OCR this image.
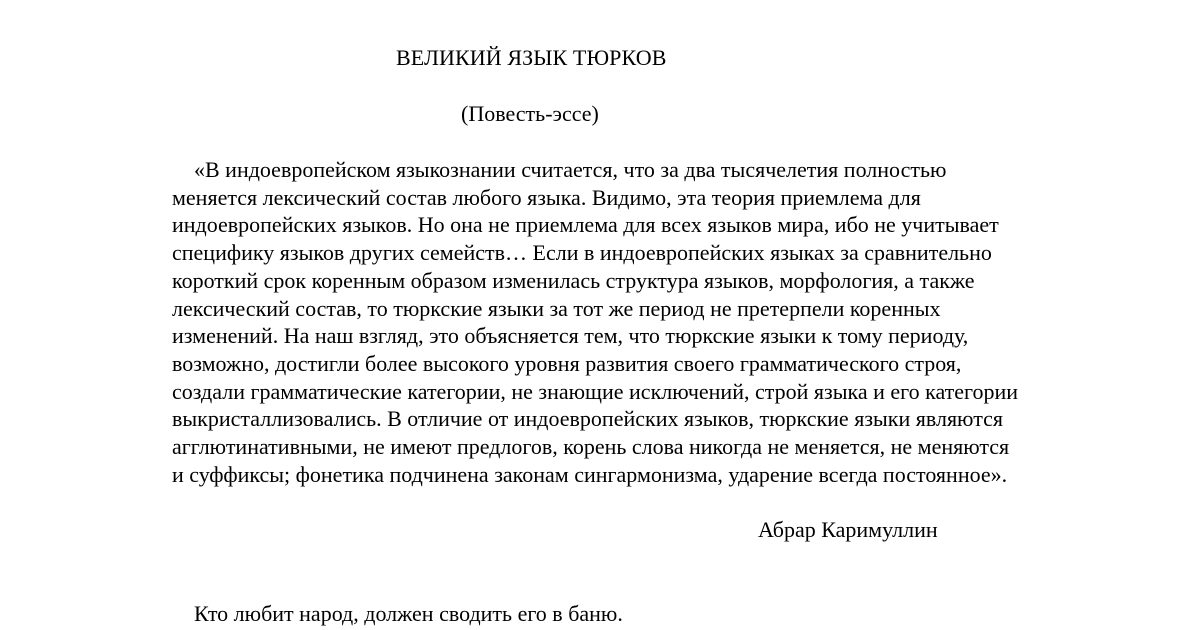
ВЕЛИКИЙ ЯЗЫК ТЮРКОВ

(Повесть-эссе)

«В индоевропейском языкознании считается, что за два тысячелетия полностью
меняется лексический состав любого языка. Видимо, эта теория приемлема для
индоевропейских языков. Но она не приемлема для всех языков мира, ибо не учитывает
специфику языков других семейств… Если в индоевропейских языках за сравнительно
короткий срок коренным образом изменилась структура языков, морфология, а также
лексический состав, то тюркские языки за тот же период не претерпели коренных
изменений. На наш взгляд, это объясняется тем, что тюркские языки к тому периоду,
возможно, достигли более высокого уровня развития своего грамматического строя,
создали грамматические категории, не знающие исключений, строй языка и его категории
выкристаллизовались. В отличие от индоевропейских языков, тюркские языки являются
агглютинативными, не имеют предлогов, корень слова никогда не меняется, не меняются
и суффиксы; фонетика подчинена законам сингармонизма, ударение всегда постоянное».

Абрар Каримуллин

Кто любит народ, должен сводить его в баню.
